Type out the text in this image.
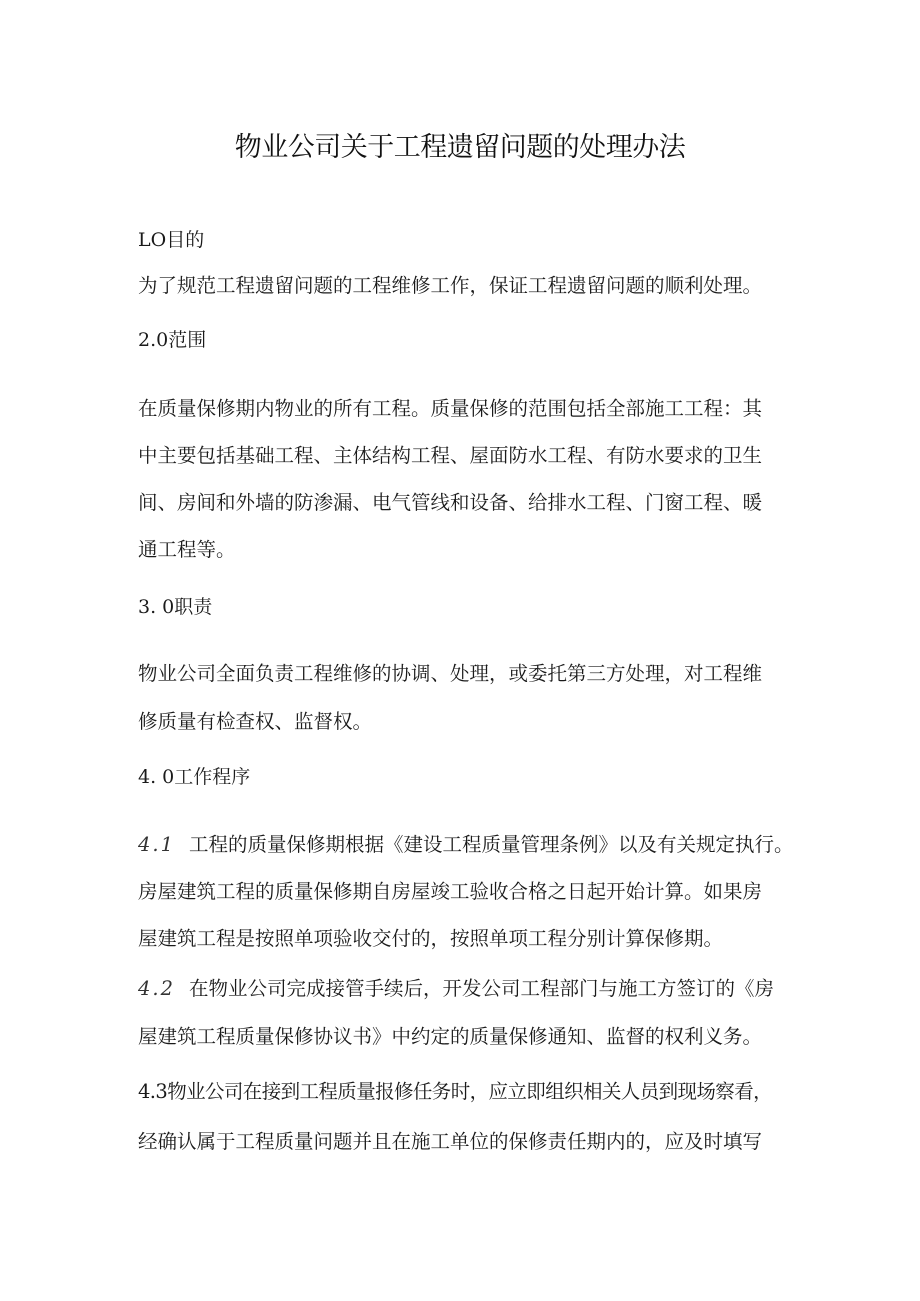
物业公司关于工程遗留问题的处理办法
LO目的
为了规范工程遗留问题的工程维修工作，保证工程遗留问题的顺利处理。
2.0范围
在质量保修期内物业的所有工程。质量保修的范围包括全部施工工程：其
中主要包括基础工程、主体结构工程、屋面防水工程、有防水要求的卫生
间、房间和外墙的防渗漏、电气管线和设备、给排水工程、门窗工程、暖
通工程等。
3. 0职责
物业公司全面负责工程维修的协调、处理，或委托第三方处理，对工程维
修质量有检查权、监督权。
4. 0工作程序
4.1 工程的质量保修期根据《建设工程质量管理条例》以及有关规定执行。
房屋建筑工程的质量保修期自房屋竣工验收合格之日起开始计算。如果房
屋建筑工程是按照单项验收交付的，按照单项工程分别计算保修期。
4.2 在物业公司完成接管手续后，开发公司工程部门与施工方签订的《房
屋建筑工程质量保修协议书》中约定的质量保修通知、监督的权利义务。
4.3物业公司在接到工程质量报修任务时，应立即组织相关人员到现场察看，
经确认属于工程质量问题并且在施工单位的保修责任期内的，应及时填写
